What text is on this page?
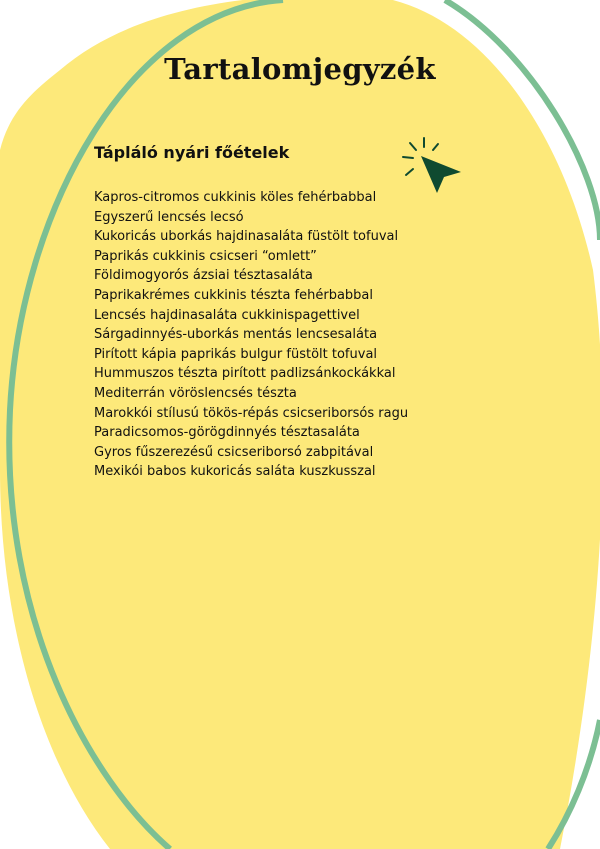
Tartalomjegyzék
Tápláló nyári főételek
Kapros-citromos cukkinis köles fehérbabbal
Egyszerű lencsés lecsó
Kukoricás uborkás hajdinasaláta füstölt tofuval
Paprikás cukkinis csicseri “omlett”
Földimogyorós ázsiai tésztasaláta
Paprikakrémes cukkinis tészta fehérbabbal
Lencsés hajdinasaláta cukkinispagettivel
Sárgadinnyés-uborkás mentás lencsesaláta
Pirított kápia paprikás bulgur füstölt tofuval
Hummuszos tészta pirított padlizsánkockákkal
Mediterrán vöröslencsés tészta
Marokkói stílusú tökös-répás csicseriborsós ragu
Paradicsomos-görögdinnyés tésztasaláta
Gyros fűszerezésű csicseriborsó zabpitával
Mexikói babos kukoricás saláta kuszkusszal
